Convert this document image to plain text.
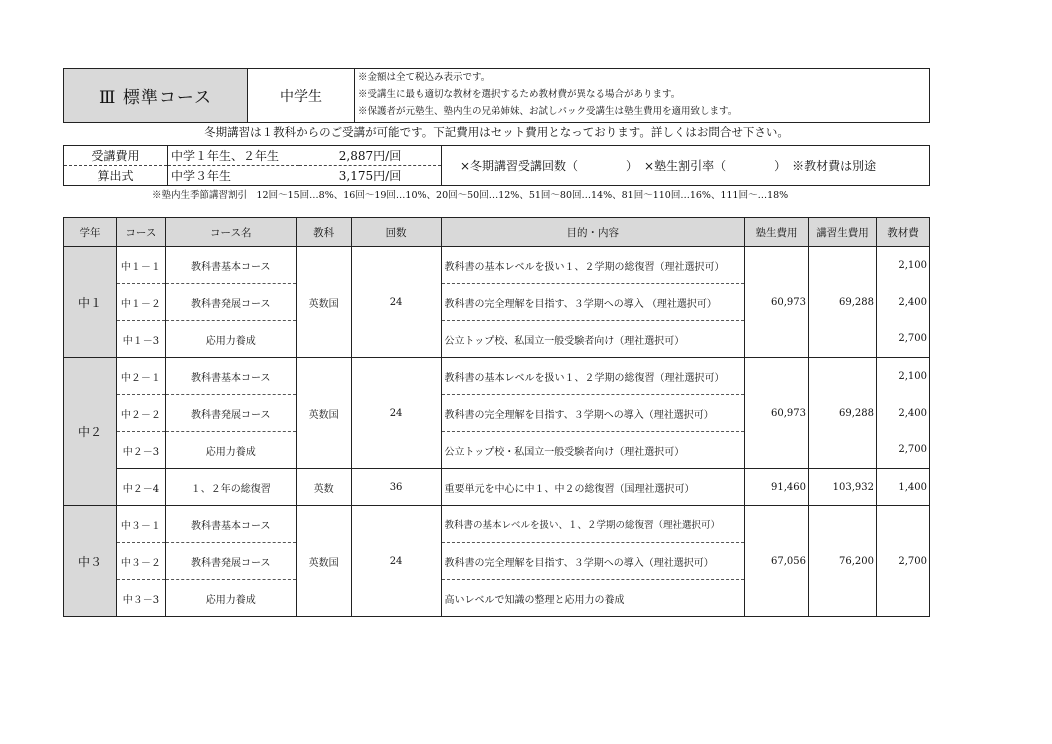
Ⅲ 標準コース	中学生	
※金額は全て税込み表示です。
※受講生に最も適切な教材を選択するため教材費が異なる場合があります。
※保護者が元塾生、塾内生の兄弟姉妹、お試しパック受講生は塾生費用を適用致します。
冬期講習は１教科からのご受講が可能です。下記費用はセット費用となっております。詳しくはお問合せ下さい。
受講費用	中学１年生、２年生	2,887円/回	×冬期講習受講回数（　　　　）　×塾生割引率（　　　　）　※教材費は別途
算出式	中学３年生	3,175円/回	
※塾内生季節講習割引　12回～15回…8%、16回～19回…10%、20回～50回…12%、51回～80回…14%、81回～110回…16%、111回～…18%
学年	コース	コース名	教科	回数	目的・内容	塾生費用	講習生費用	教材費
中１	中１－１	教科書基本コース	英数国	24	教科書の基本レベルを扱い１、２学期の総復習（理社選択可）	60,973	69,288	2,100
	中１－２	教科書発展コース			教科書の完全理解を目指す、３学期への導入 （理社選択可）			2,400
	中１－3	応用力養成			公立トップ校、私国立一般受験者向け（理社選択可）			2,700
中２	中２－１	教科書基本コース	英数国	24	教科書の基本レベルを扱い１、２学期の総復習（理社選択可）	60,973	69,288	2,100
	中２－２	教科書発展コース			教科書の完全理解を目指す、３学期への導入（理社選択可）			2,400
	中２－3	応用力養成			公立トップ校・私国立一般受験者向け（理社選択可）			2,700
	中２－4	１、２年の総復習	英数	36	重要単元を中心に中１、中２の総復習（国理社選択可）	91,460	103,932	1,400
中３	中３－１	教科書基本コース	英数国	24	教科書の基本レベルを扱い、１、２学期の総復習（理社選択可）	67,056	76,200	2,700
	中３－２	教科書発展コース			教科書の完全理解を目指す、３学期への導入（理社選択可）			
	中３－3	応用力養成			高いレベルで知識の整理と応用力の養成			
